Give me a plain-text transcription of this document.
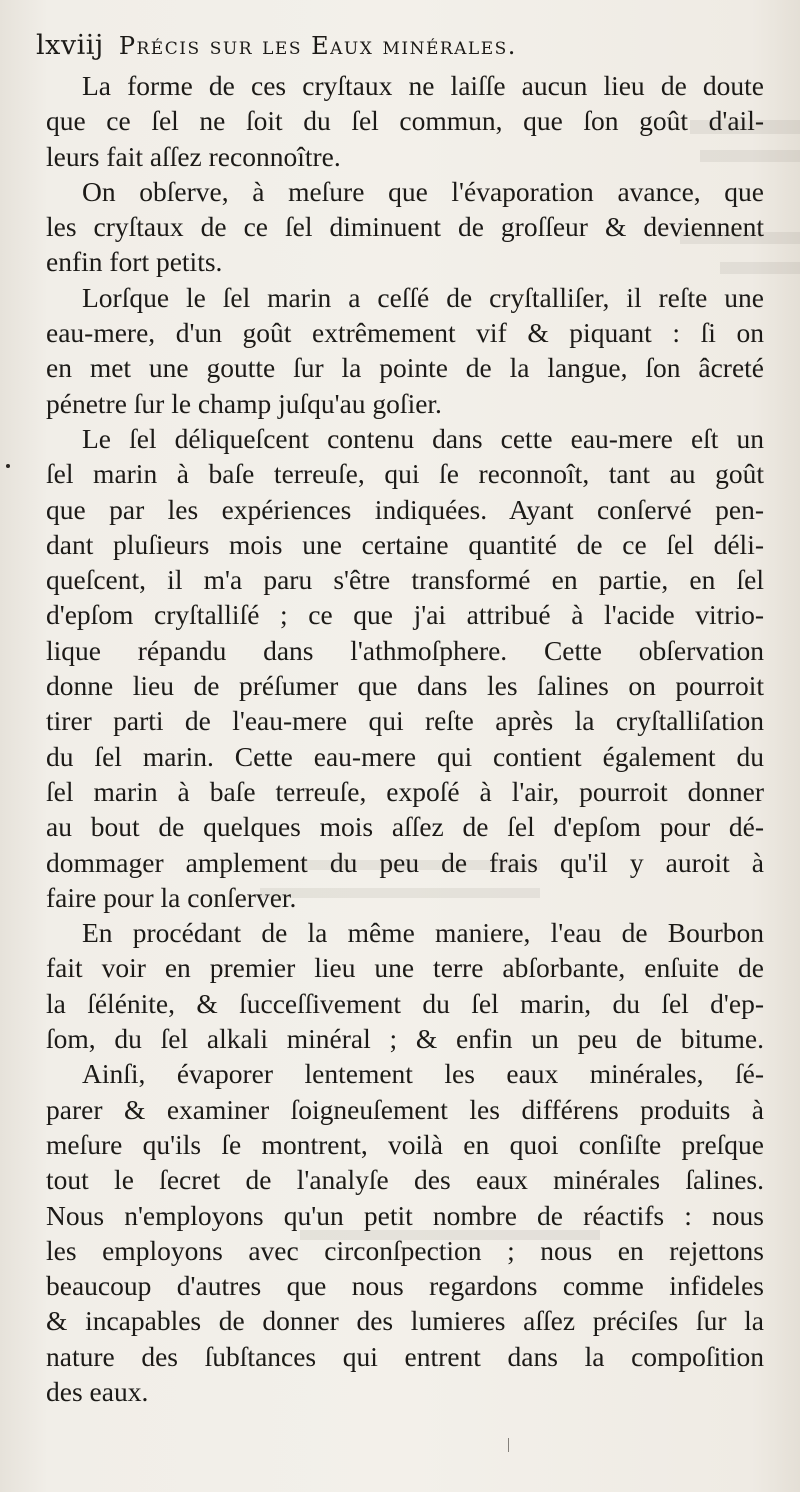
lxviij Précis sur les Eaux minérales.
La forme de ces cryſtaux ne laiſſe aucun lieu de doute
que ce ſel ne ſoit du ſel commun, que ſon goût d'ail-
leurs fait aſſez reconnoître.
On obſerve, à meſure que l'évaporation avance, que
les cryſtaux de ce ſel diminuent de groſſeur & deviennent
enfin fort petits.
Lorſque le ſel marin a ceſſé de cryſtalliſer, il reſte une
eau-mere, d'un goût extrêmement vif & piquant : ſi on
en met une goutte ſur la pointe de la langue, ſon âcreté
pénetre ſur le champ juſqu'au goſier.
Le ſel déliqueſcent contenu dans cette eau-mere eſt un
ſel marin à baſe terreuſe, qui ſe reconnoît, tant au goût
que par les expériences indiquées. Ayant conſervé pen-
dant pluſieurs mois une certaine quantité de ce ſel déli-
queſcent, il m'a paru s'être transformé en partie, en ſel
d'epſom cryſtalliſé ; ce que j'ai attribué à l'acide vitrio-
lique répandu dans l'athmoſphere. Cette obſervation
donne lieu de préſumer que dans les ſalines on pourroit
tirer parti de l'eau-mere qui reſte après la cryſtalliſation
du ſel marin. Cette eau-mere qui contient également du
ſel marin à baſe terreuſe, expoſé à l'air, pourroit donner
au bout de quelques mois aſſez de ſel d'epſom pour dé-
dommager amplement du peu de frais qu'il y auroit à
faire pour la conſerver.
En procédant de la même maniere, l'eau de Bourbon
fait voir en premier lieu une terre abſorbante, enſuite de
la ſélénite, & ſucceſſivement du ſel marin, du ſel d'ep-
ſom, du ſel alkali minéral ; & enfin un peu de bitume.
Ainſi, évaporer lentement les eaux minérales, ſé-
parer & examiner ſoigneuſement les différens produits à
meſure qu'ils ſe montrent, voilà en quoi conſiſte preſque
tout le ſecret de l'analyſe des eaux minérales ſalines.
Nous n'employons qu'un petit nombre de réactifs : nous
les employons avec circonſpection ; nous en rejettons
beaucoup d'autres que nous regardons comme infideles
& incapables de donner des lumieres aſſez préciſes ſur la
nature des ſubſtances qui entrent dans la compoſition
des eaux.
